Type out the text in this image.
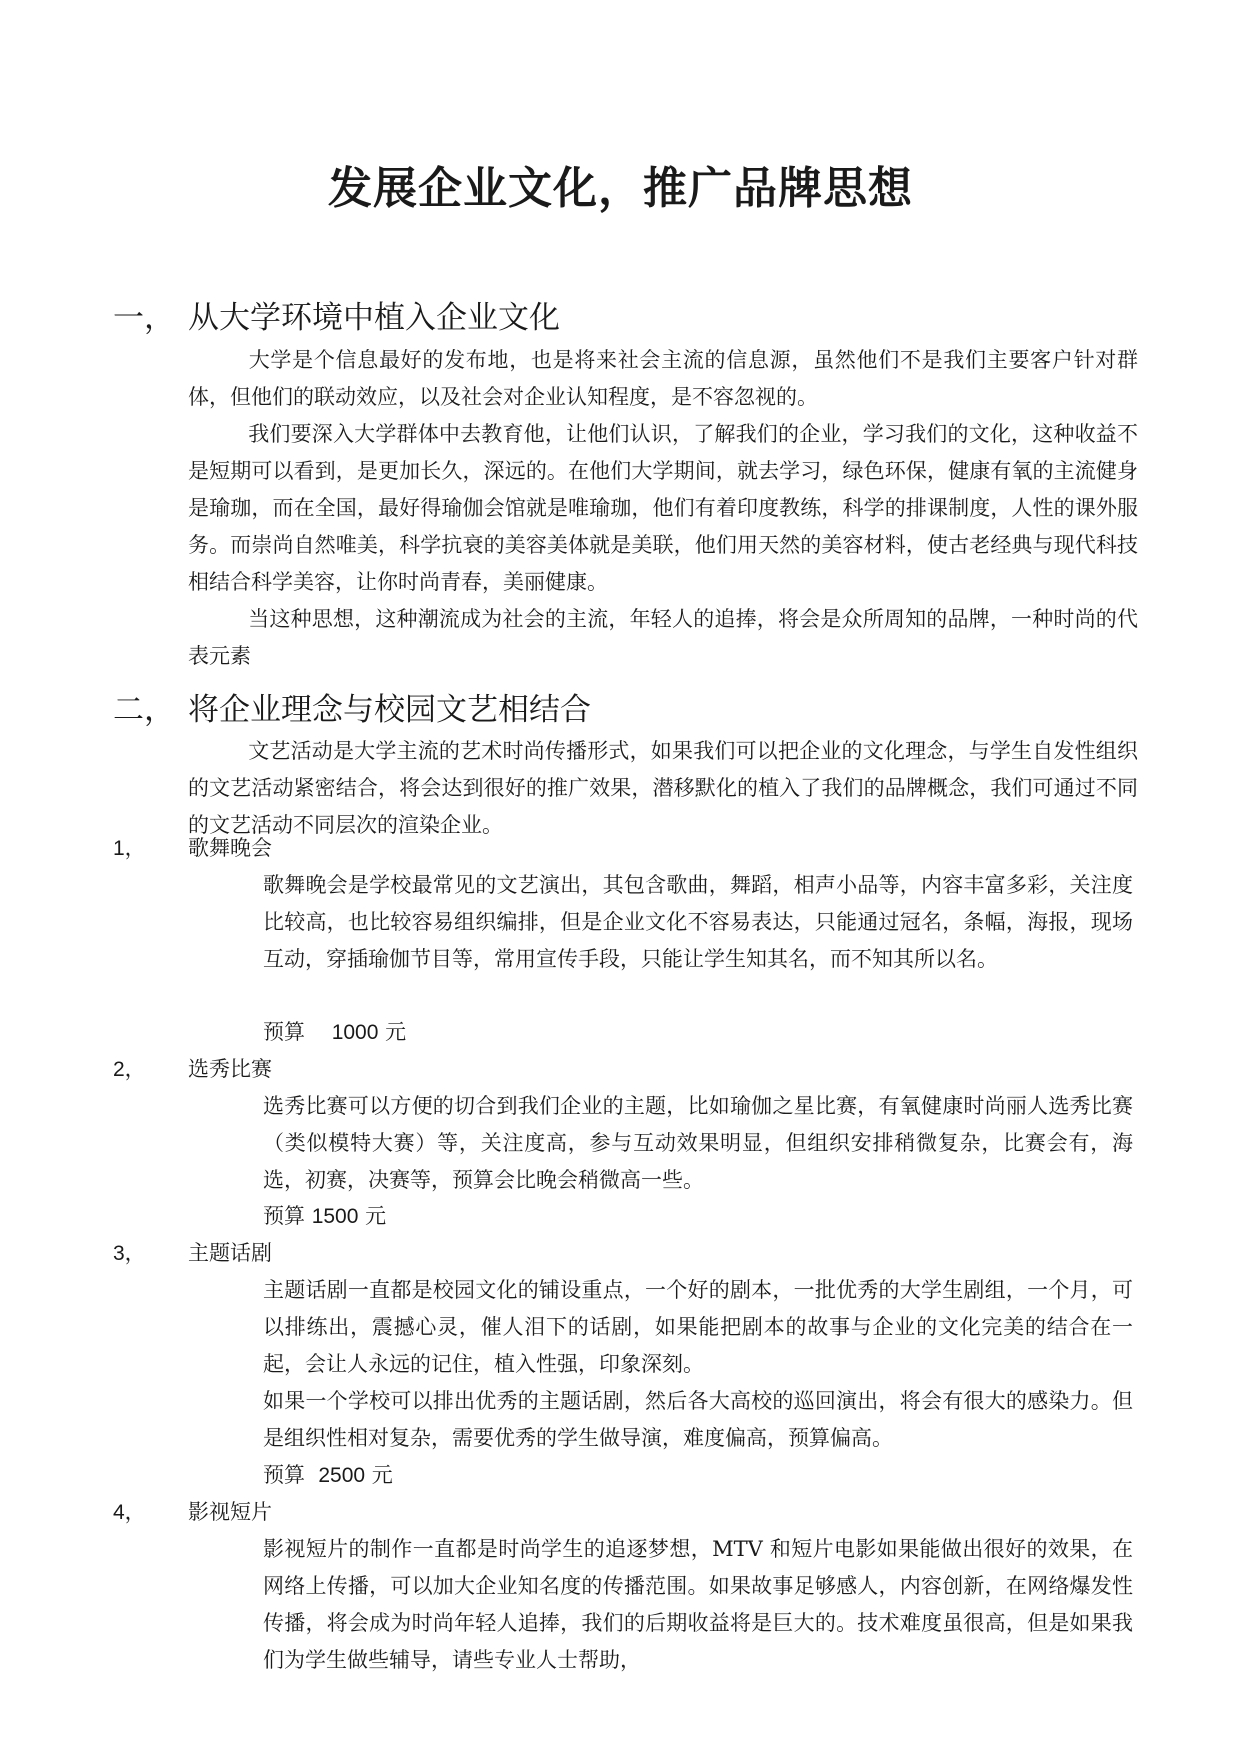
发展企业文化，推广品牌思想
一， 从大学环境中植入企业文化

大学是个信息最好的发布地，也是将来社会主流的信息源，虽然他们不是我们主要客户针对群体，但他们的联动效应，以及社会对企业认知程度，是不容忽视的。

我们要深入大学群体中去教育他，让他们认识，了解我们的企业，学习我们的文化，这种收益不是短期可以看到，是更加长久，深远的。在他们大学期间，就去学习，绿色环保，健康有氧的主流健身是瑜珈，而在全国，最好得瑜伽会馆就是唯瑜珈，他们有着印度教练，科学的排课制度，人性的课外服务。而崇尚自然唯美，科学抗衰的美容美体就是美联，他们用天然的美容材料，使古老经典与现代科技相结合科学美容，让你时尚青春，美丽健康。

当这种思想，这种潮流成为社会的主流，年轻人的追捧，将会是众所周知的品牌，一种时尚的代表元素

二， 将企业理念与校园文艺相结合

文艺活动是大学主流的艺术时尚传播形式，如果我们可以把企业的文化理念，与学生自发性组织的文艺活动紧密结合，将会达到很好的推广效果，潜移默化的植入了我们的品牌概念，我们可通过不同的文艺活动不同层次的渲染企业。

1， 歌舞晚会

歌舞晚会是学校最常见的文艺演出，其包含歌曲，舞蹈，相声小品等，内容丰富多彩，关注度比较高，也比较容易组织编排，但是企业文化不容易表达，只能通过冠名，条幅，海报，现场互动，穿插瑜伽节目等，常用宣传手段，只能让学生知其名，而不知其所以名。

预算 1000 元
2， 选秀比赛

选秀比赛可以方便的切合到我们企业的主题，比如瑜伽之星比赛，有氧健康时尚丽人选秀比赛（类似模特大赛）等，关注度高，参与互动效果明显，但组织安排稍微复杂，比赛会有，海选，初赛，决赛等，预算会比晚会稍微高一些。

预算 1500 元
3， 主题话剧

主题话剧一直都是校园文化的铺设重点，一个好的剧本，一批优秀的大学生剧组，一个月，可以排练出，震撼心灵，催人泪下的话剧，如果能把剧本的故事与企业的文化完美的结合在一起，会让人永远的记住，植入性强，印象深刻。

如果一个学校可以排出优秀的主题话剧，然后各大高校的巡回演出，将会有很大的感染力。但是组织性相对复杂，需要优秀的学生做导演，难度偏高，预算偏高。

预算 2500 元
4， 影视短片

影视短片的制作一直都是时尚学生的追逐梦想，MTV 和短片电影如果能做出很好的效果，在网络上传播，可以加大企业知名度的传播范围。如果故事足够感人，内容创新，在网络爆发性传播，将会成为时尚年轻人追捧，我们的后期收益将是巨大的。技术难度虽很高，但是如果我们为学生做些辅导，请些专业人士帮助，
